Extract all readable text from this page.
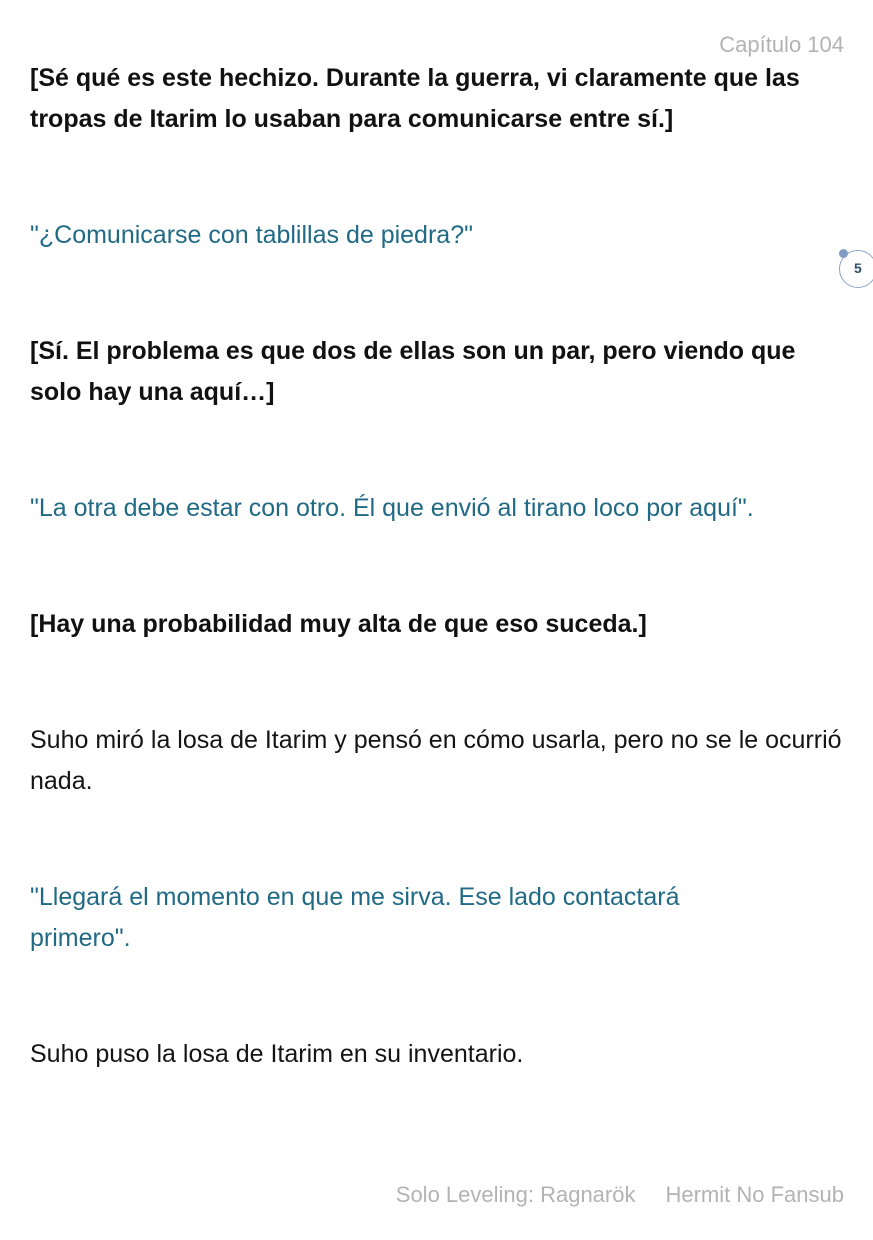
Capítulo 104
5

[Sé qué es este hechizo. Durante la guerra, vi claramente que las tropas de Itarim lo usaban para comunicarse entre sí.]

"¿Comunicarse con tablillas de piedra?"

[Sí. El problema es que dos de ellas son un par, pero viendo que solo hay una aquí…]

"La otra debe estar con otro. Él que envió al tirano loco por aquí".

[Hay una probabilidad muy alta de que eso suceda.]

Suho miró la losa de Itarim y pensó en cómo usarla, pero no se le ocurrió nada.

"Llegará el momento en que me sirva. Ese lado contactará primero".

Suho puso la losa de Itarim en su inventario.

Solo Leveling: Ragnarök Hermit No Fansub
